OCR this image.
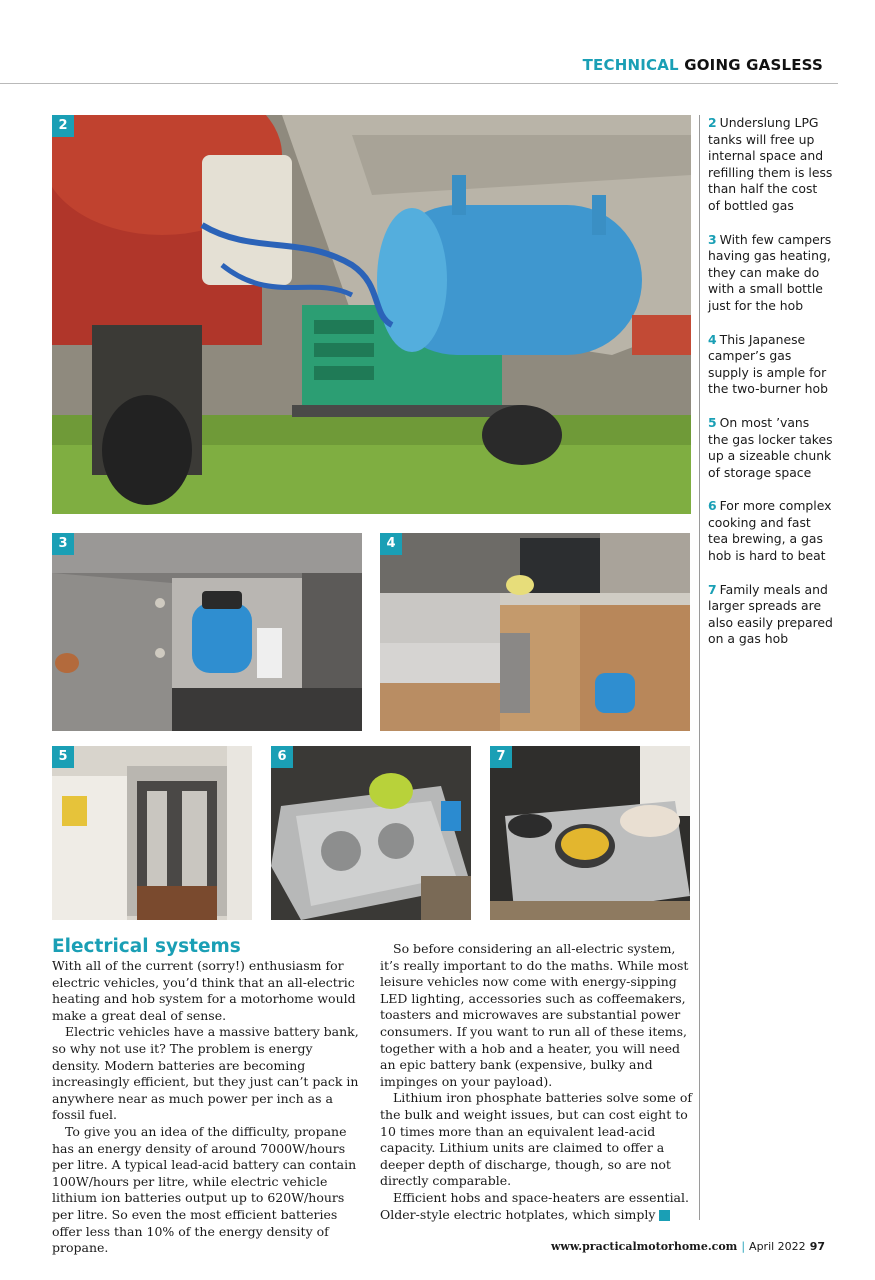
TECHNICAL GOING GASLESS
2
3	4
5	6	7

2 Underslung LPG tanks will free up internal space and refilling them is less than half the cost of bottled gas

3 With few campers having gas heating, they can make do with a small bottle just for the hob

4 This Japanese camper’s gas supply is ample for the two-burner hob

5 On most ’vans the gas locker takes up a sizeable chunk of storage space

6 For more complex cooking and fast tea brewing, a gas hob is hard to beat

7 Family meals and larger spreads are also easily prepared on a gas hob

Electrical systems

With all of the current (sorry!) enthusiasm for electric vehicles, you’d think that an all-electric heating and hob system for a motorhome would make a great deal of sense.

Electric vehicles have a massive battery bank, so why not use it? The problem is energy density. Modern batteries are becoming increasingly efficient, but they just can’t pack in anywhere near as much power per inch as a fossil fuel.

To give you an idea of the difficulty, propane has an energy density of around 7000W/hours per litre. A typical lead-acid battery can contain 100W/hours per litre, while electric vehicle lithium ion batteries output up to 620W/hours per litre. So even the most efficient batteries offer less than 10% of the energy density of propane.

So before considering an all-electric system, it’s really important to do the maths. While most leisure vehicles now come with energy-sipping LED lighting, accessories such as coffeemakers, toasters and microwaves are substantial power consumers. If you want to run all of these items, together with a hob and a heater, you will need an epic battery bank (expensive, bulky and impinges on your payload).

Lithium iron phosphate batteries solve some of the bulk and weight issues, but can cost eight to 10 times more than an equivalent lead-acid capacity. Lithium units are claimed to offer a deeper depth of discharge, though, so are not directly comparable.

Efficient hobs and space-heaters are essential. Older-style electric hotplates, which simply ➜

www.practicalmotorhome.com | April 2022 97
